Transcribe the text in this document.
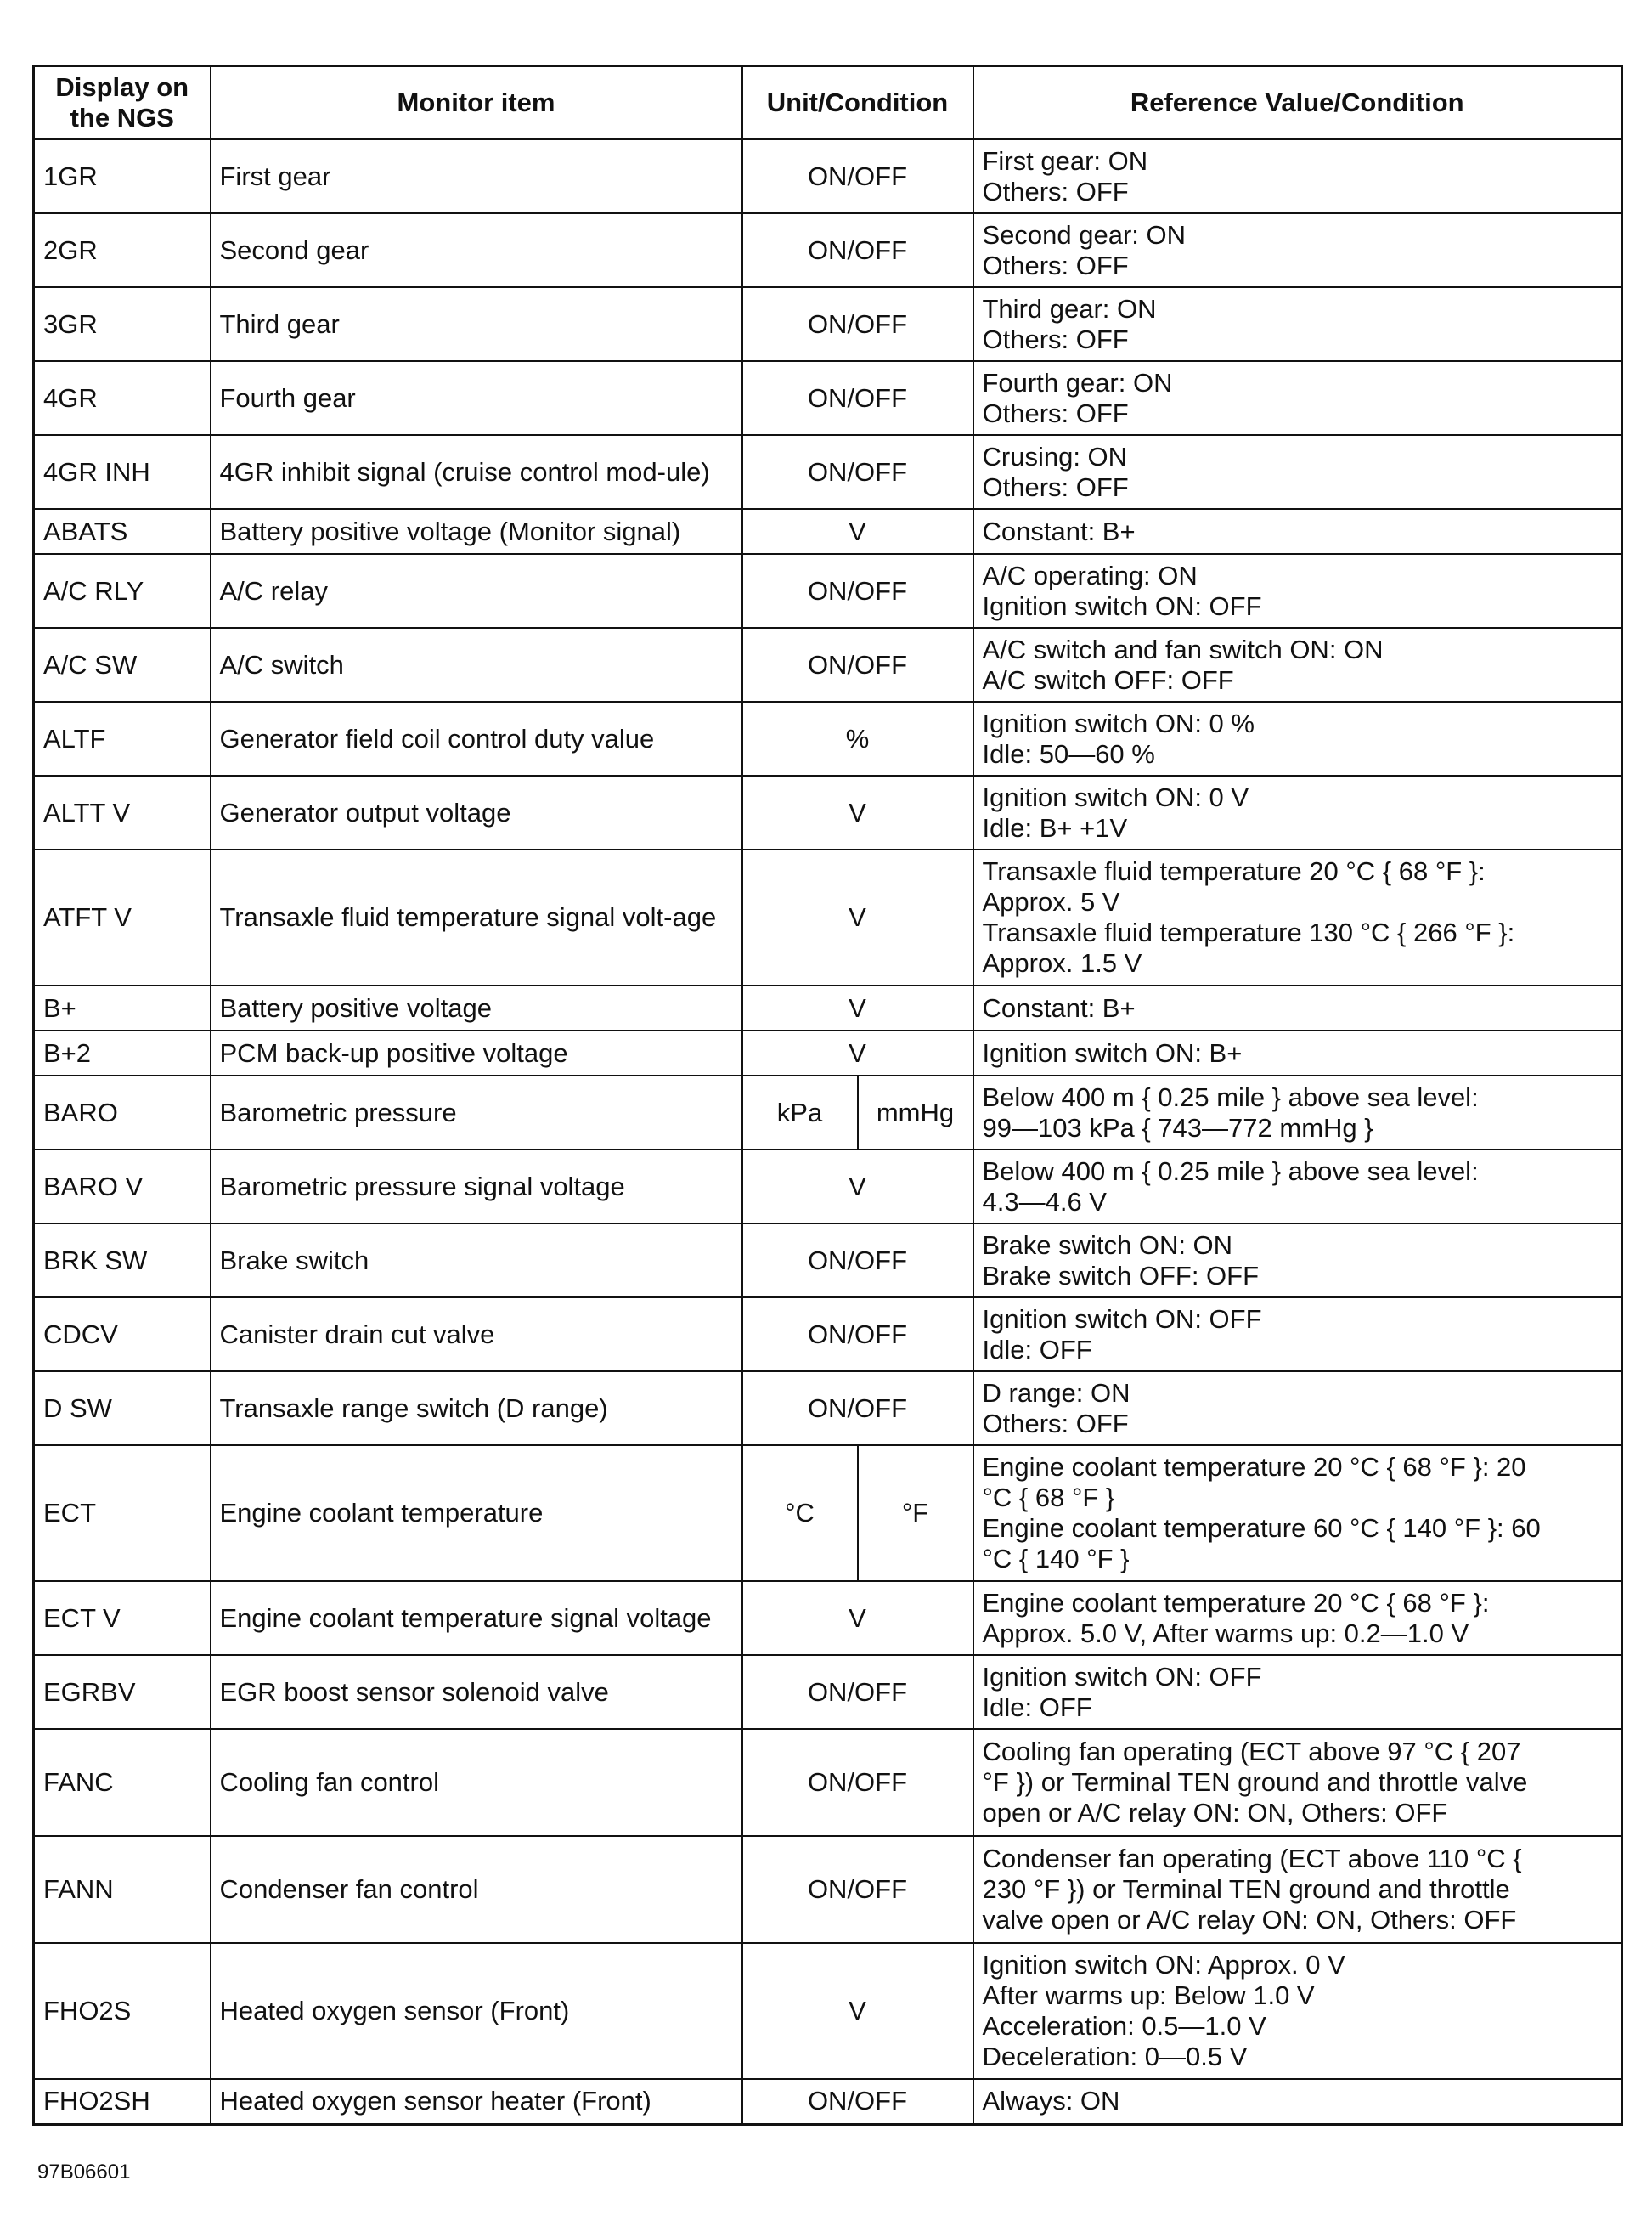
Display on the NGS	Monitor item	Unit/Condition		Reference Value/Condition
1GR	First gear	ON/OFF		First gear: ON
Others: OFF

2GR	Second gear	ON/OFF		Second gear: ON
Others: OFF

3GR	Third gear	ON/OFF		Third gear: ON
Others: OFF

4GR	Fourth gear	ON/OFF		Fourth gear: ON
Others: OFF

4GR INH	4GR inhibit signal (cruise control mod-ule)	ON/OFF		Crusing: ON
Others: OFF

ABATS	Battery positive voltage (Monitor signal)	V		Constant: B+

A/C RLY	A/C relay	ON/OFF		A/C operating: ON
Ignition switch ON: OFF

A/C SW	A/C switch	ON/OFF		A/C switch and fan switch ON: ON
A/C switch OFF: OFF

ALTF	Generator field coil control duty value	%		Ignition switch ON: 0 %
Idle: 50—60 %

ALTT V	Generator output voltage	V		Ignition switch ON: 0 V
Idle: B+ +1V

ATFT V	Transaxle fluid temperature signal volt-age	V		Transaxle fluid temperature 20 °C { 68 °F }:
Approx. 5 V
Transaxle fluid temperature 130 °C { 266 °F }:
Approx. 1.5 V

B+	Battery positive voltage	V		Constant: B+

B+2	PCM back-up positive voltage	V		Ignition switch ON: B+

BARO	Barometric pressure	kPa	mmHg	Below 400 m { 0.25 mile } above sea level:
99—103 kPa { 743—772 mmHg }

BARO V	Barometric pressure signal voltage	V		Below 400 m { 0.25 mile } above sea level:
4.3—4.6 V

BRK SW	Brake switch	ON/OFF		Brake switch ON: ON
Brake switch OFF: OFF

CDCV	Canister drain cut valve	ON/OFF		Ignition switch ON: OFF
Idle: OFF

D SW	Transaxle range switch (D range)	ON/OFF		D range: ON
Others: OFF

ECT	Engine coolant temperature	°C	°F	Engine coolant temperature 20 °C { 68 °F }: 20
°C { 68 °F }
Engine coolant temperature 60 °C { 140 °F }: 60
°C { 140 °F }

ECT V	Engine coolant temperature signal voltage	V		Engine coolant temperature 20 °C { 68 °F }:
Approx. 5.0 V, After warms up: 0.2—1.0 V

EGRBV	EGR boost sensor solenoid valve	ON/OFF		Ignition switch ON: OFF
Idle: OFF

FANC	Cooling fan control	ON/OFF		Cooling fan operating (ECT above 97 °C { 207
°F }) or Terminal TEN ground and throttle valve
open or A/C relay ON: ON, Others: OFF

FANN	Condenser fan control	ON/OFF		Condenser fan operating (ECT above 110 °C {
230 °F }) or Terminal TEN ground and throttle
valve open or A/C relay ON: ON, Others: OFF

FHO2S	Heated oxygen sensor (Front)	V		Ignition switch ON: Approx. 0 V
After warms up: Below 1.0 V
Acceleration: 0.5—1.0 V
Deceleration: 0—0.5 V

FHO2SH	Heated oxygen sensor heater (Front)	ON/OFF		Always: ON
97B06601
